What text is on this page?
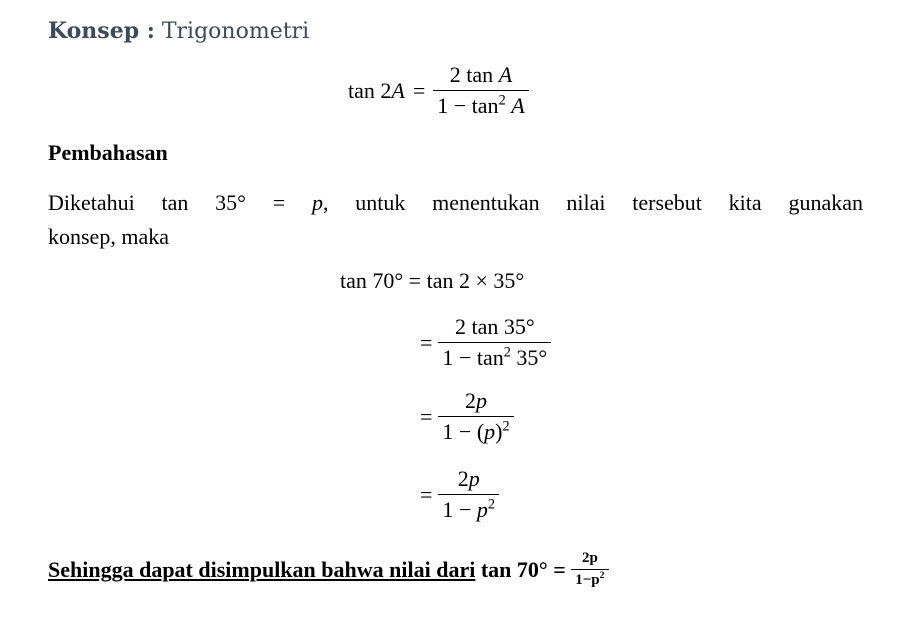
Konsep : Trigonometri
tan 2 $A = \frac{\text{2 tan A}}{1 - \tan^2 A}$
Pembahasan
Diketahui tan 35° = p, untuk menentukan nilai tersebut kita gunakan
konsep, maka
tan 70° = tan 2 × 35°
= $\frac{2 \tan 35^\circ}{1 - \tan^2 35^\circ}$
= $\frac{2p}{1 - (p)^2}$
= $\frac{2p}{1 - p^2}$
Sehingga dapat disimpulkan bahwa nilai dari $\tan 70^\circ = \frac{2p}{1-p^2}$
